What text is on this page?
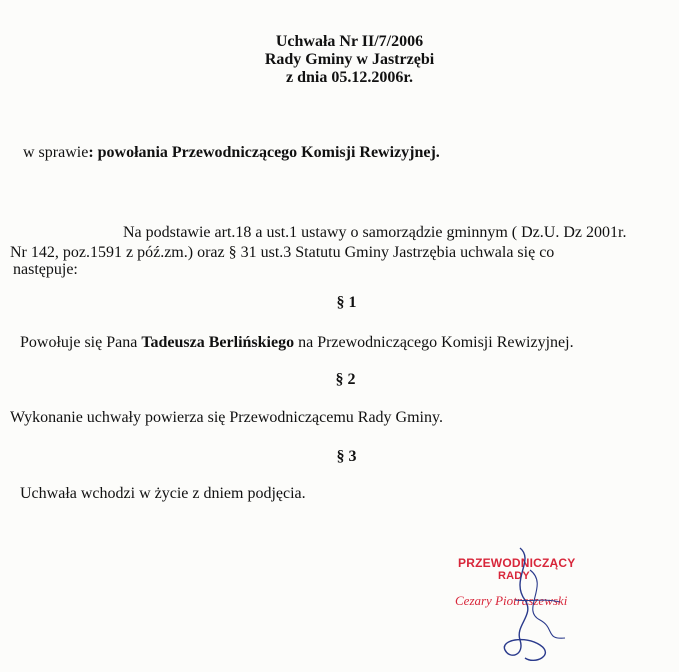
Uchwała Nr II/7/2006
Rady Gminy w Jastrzębi
z dnia 05.12.2006r.
w sprawie: powołania Przewodniczącego Komisji Rewizyjnej.
Na podstawie art.18 a ust.1 ustawy o samorządzie gminnym ( Dz.U. Dz 2001r.
Nr 142, poz.1591 z póź.zm.) oraz § 31 ust.3 Statutu Gminy Jastrzębia uchwala się co
następuje:
§ 1
Powołuje się Pana Tadeusza Berlińskiego na Przewodniczącego Komisji Rewizyjnej.
§ 2
Wykonanie uchwały powierza się Przewodniczącemu Rady Gminy.
§ 3
Uchwała wchodzi w życie z dniem podjęcia.
PRZEWODNICZĄCY
RADY
Cezary Piotraszewski
